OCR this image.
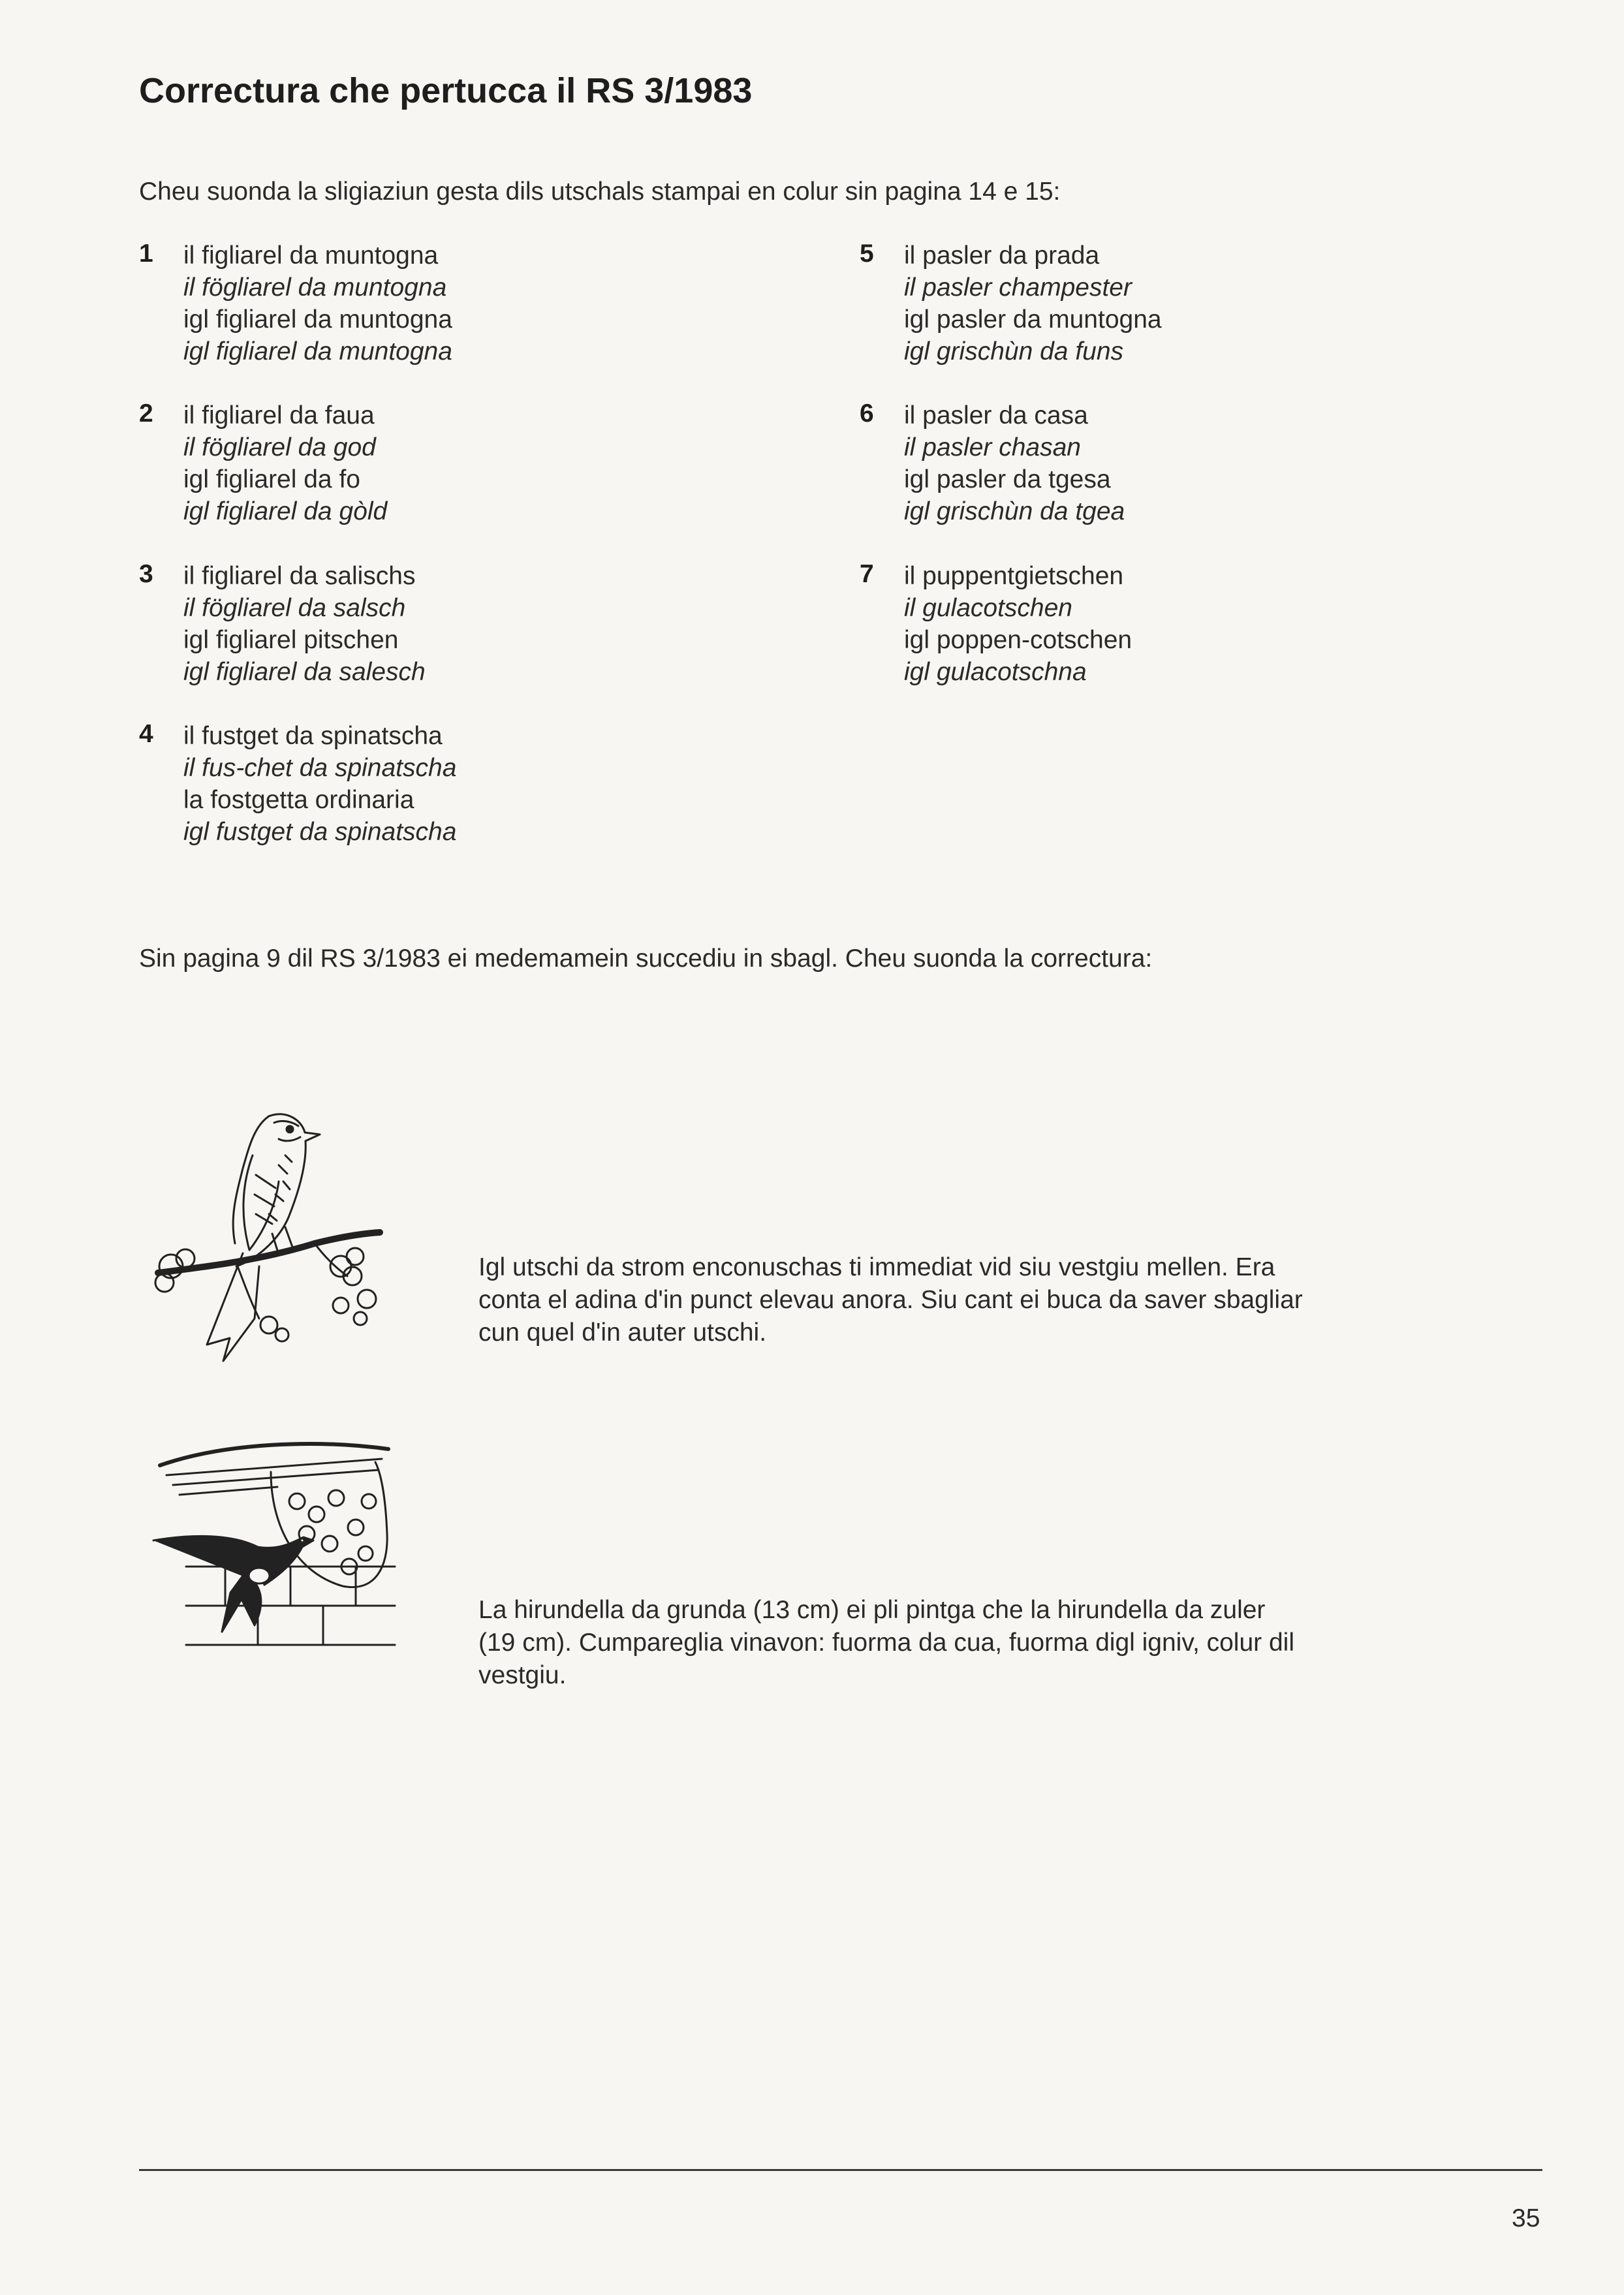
Correctura che pertucca il RS 3/1983

Cheu suonda la sligiaziun gesta dils utschals stampai en colur sin pagina 14 e 15:

1 il figliarel da muntogna
il fögliarel da muntogna
igl figliarel da muntogna
igl figliarel da muntogna
2 il figliarel da faua
il fögliarel da god
igl figliarel da fo
igl figliarel da gòld
3 il figliarel da salischs
il fögliarel da salsch
igl figliarel pitschen
igl figliarel da salesch
4 il fustget da spinatscha
il fus-chet da spinatscha
la fostgetta ordinaria
igl fustget da spinatscha
5 il pasler da prada
il pasler champester
igl pasler da muntogna
igl grischùn da funs
6 il pasler da casa
il pasler chasan
igl pasler da tgesa
igl grischùn da tgea
7 il puppentgietschen
il gulacotschen
igl poppen-cotschen
igl gulacotschna

Sin pagina 9 dil RS 3/1983 ei medemamein succediu in sbagl. Cheu suonda la correctura:

Igl utschi da strom enconuschas ti immediat vid siu vestgiu mellen. Era
conta el adina d'in punct elevau anora. Siu cant ei buca da saver sbagliar
cun quel d'in auter utschi.

La hirundella da grunda (13 cm) ei pli pintga che la hirundella da zuler
(19 cm). Cumpareglia vinavon: fuorma da cua, fuorma digl igniv, colur dil
vestgiu.

35
